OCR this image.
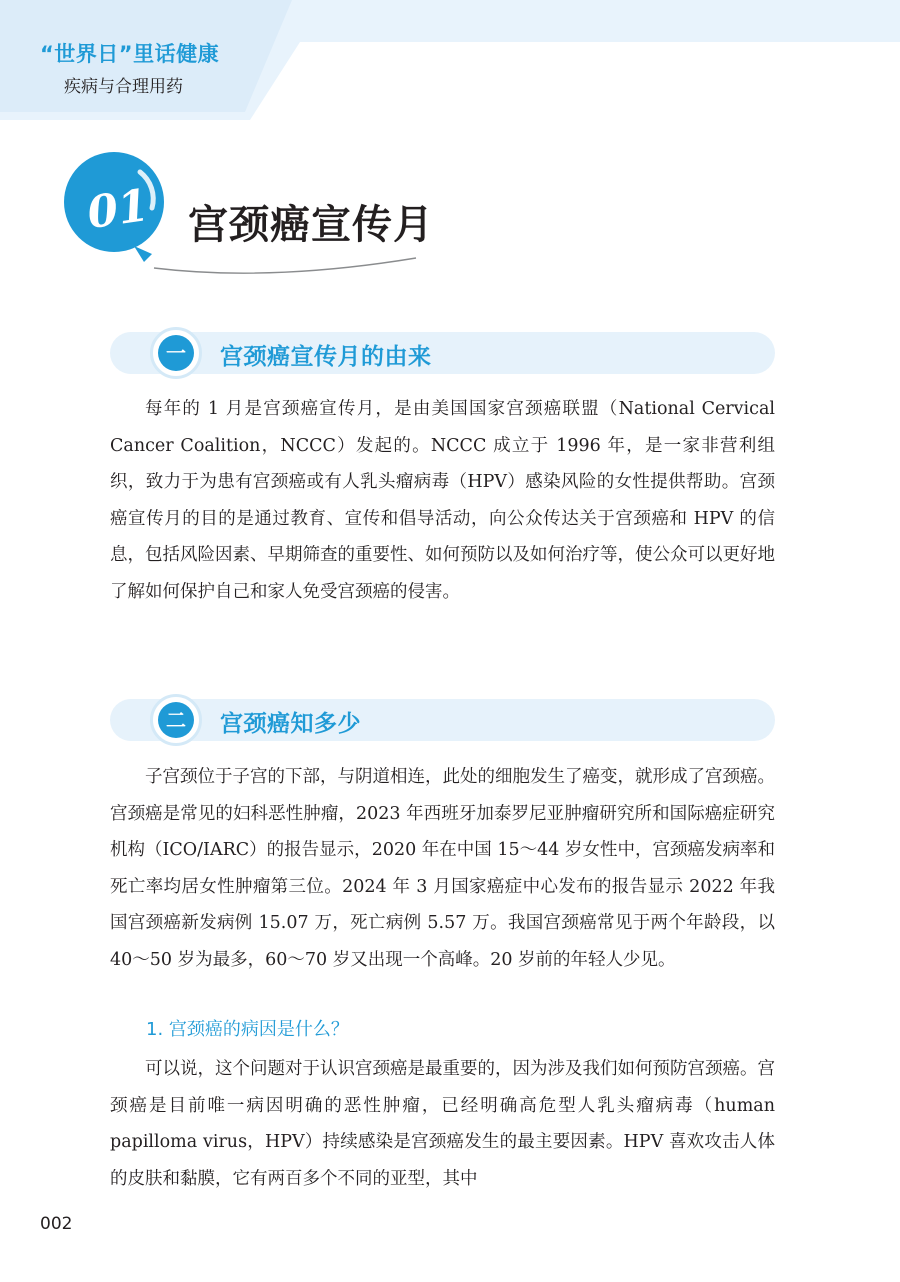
“世界日”里话健康
疾病与合理用药
01 宫颈癌宣传月
一	宫颈癌宣传月的由来

每年的 1 月是宫颈癌宣传月，是由美国国家宫颈癌联盟（National Cervical Cancer Coalition，NCCC）发起的。NCCC 成立于 1996 年，是一家非营利组织，致力于为患有宫颈癌或有人乳头瘤病毒（HPV）感染风险的女性提供帮助。宫颈癌宣传月的目的是通过教育、宣传和倡导活动，向公众传达关于宫颈癌和 HPV 的信息，包括风险因素、早期筛查的重要性、如何预防以及如何治疗等，使公众可以更好地了解如何保护自己和家人免受宫颈癌的侵害。

二	宫颈癌知多少

子宫颈位于子宫的下部，与阴道相连，此处的细胞发生了癌变，就形成了宫颈癌。宫颈癌是常见的妇科恶性肿瘤，2023 年西班牙加泰罗尼亚肿瘤研究所和国际癌症研究机构（ICO/IARC）的报告显示，2020 年在中国 15～44 岁女性中，宫颈癌发病率和死亡率均居女性肿瘤第三位。2024 年 3 月国家癌症中心发布的报告显示 2022 年我国宫颈癌新发病例 15.07 万，死亡病例 5.57 万。我国宫颈癌常见于两个年龄段，以 40～50 岁为最多，60～70 岁又出现一个高峰。20 岁前的年轻人少见。

1. 宫颈癌的病因是什么？

可以说，这个问题对于认识宫颈癌是最重要的，因为涉及我们如何预防宫颈癌。宫颈癌是目前唯一病因明确的恶性肿瘤，已经明确高危型人乳头瘤病毒（human papilloma virus，HPV）持续感染是宫颈癌发生的最主要因素。HPV 喜欢攻击人体的皮肤和黏膜，它有两百多个不同的亚型，其中

002
